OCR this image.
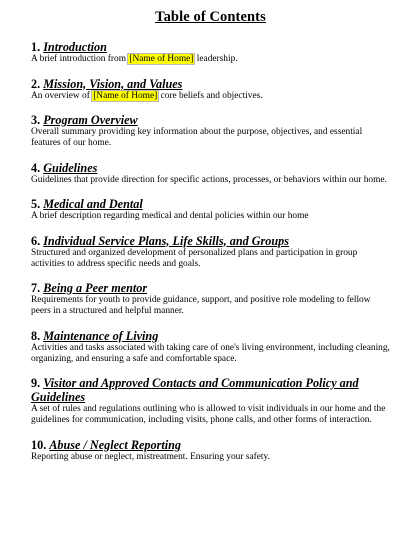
Table of Contents

1. Introduction

A brief introduction from [Name of Home] leadership.

2. Mission, Vision, and Values

An overview of [Name of Home] core beliefs and objectives.

3. Program Overview

Overall summary providing key information about the purpose, objectives, and essential features of our home.

4. Guidelines

Guidelines that provide direction for specific actions, processes, or behaviors within our home.

5. Medical and Dental

A brief description regarding medical and dental policies within our home

6. Individual Service Plans, Life Skills, and Groups

Structured and organized development of personalized plans and participation in group activities to address specific needs and goals.

7. Being a Peer mentor

Requirements for youth to provide guidance, support, and positive role modeling to fellow peers in a structured and helpful manner.

8. Maintenance of Living

Activities and tasks associated with taking care of one's living environment, including cleaning, organizing, and ensuring a safe and comfortable space.

9. Visitor and Approved Contacts and Communication Policy and Guidelines

A set of rules and regulations outlining who is allowed to visit individuals in our home and the guidelines for communication, including visits, phone calls, and other forms of interaction.

10. Abuse / Neglect Reporting

Reporting abuse or neglect, mistreatment. Ensuring your safety.
